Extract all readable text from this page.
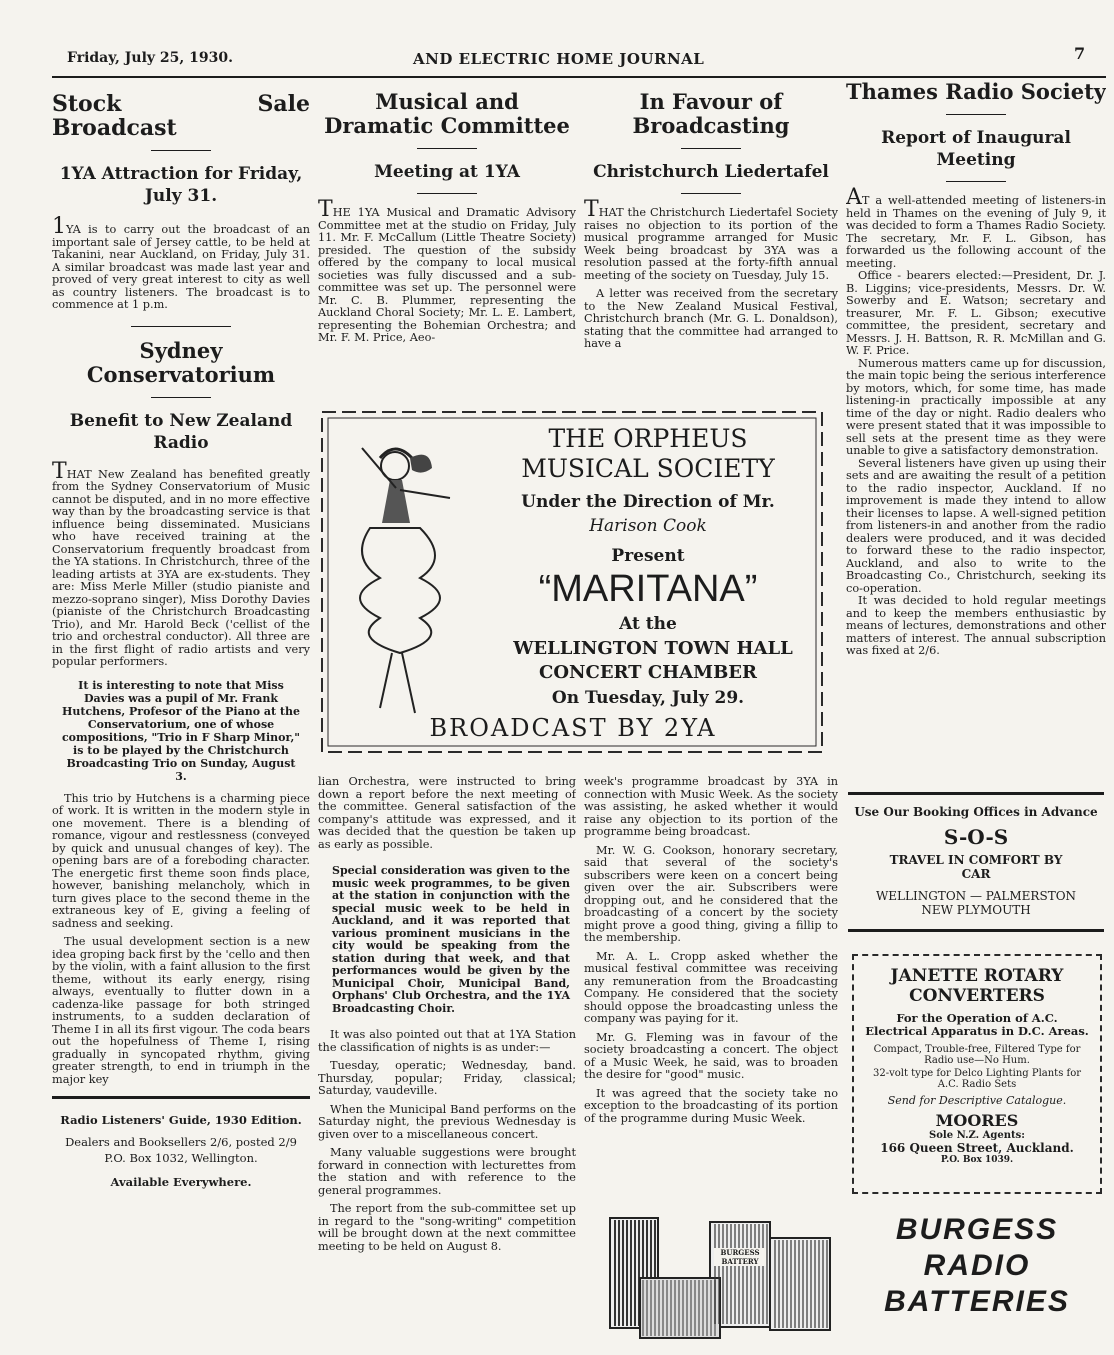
Friday, July 25, 1930.	AND ELECTRIC HOME JOURNAL	7
Stock Sale Broadcast
1YA Attraction for Friday, July 31.

1YA is to carry out the broadcast of an important sale of Jersey cattle, to be held at Takanini, near Auckland, on Friday, July 31. A similar broadcast was made last year and proved of very great interest to city as well as country listeners. The broadcast is to commence at 1 p.m.

Sydney Conservatorium
Benefit to New Zealand Radio

THAT New Zealand has benefited greatly from the Sydney Conservatorium of Music cannot be disputed, and in no more effective way than by the broadcasting service is that influence being disseminated. Musicians who have received training at the Conservatorium frequently broadcast from the YA stations. In Christchurch, three of the leading artists at 3YA are ex-students. They are: Miss Merle Miller (studio pianiste and mezzo-soprano singer), Miss Dorothy Davies (pianiste of the Christchurch Broadcasting Trio), and Mr. Harold Beck ('cellist of the trio and orchestral conductor). All three are in the first flight of radio artists and very popular performers.

It is interesting to note that Miss Davies was a pupil of Mr. Frank Hutchens, Profesor of the Piano at the Conservatorium, one of whose compositions, "Trio in F Sharp Minor," is to be played by the Christchurch Broadcasting Trio on Sunday, August 3.

This trio by Hutchens is a charming piece of work. It is written in the modern style in one movement. There is a blending of romance, vigour and restlessness (conveyed by quick and unusual changes of key). The opening bars are of a foreboding character. The energetic first theme soon finds place, however, banishing melancholy, which in turn gives place to the second theme in the extraneous key of E, giving a feeling of sadness and seeking.

The usual development section is a new idea groping back first by the 'cello and then by the violin, with a faint allusion to the first theme, without its early energy, rising always, eventually to flutter down in a cadenza-like passage for both stringed instruments, to a sudden declaration of Theme I in all its first vigour. The coda bears out the hopefulness of Theme I, rising gradually in syncopated rhythm, giving greater strength, to end in triumph in the major key

Radio Listeners' Guide, 1930 Edition.
Dealers and Booksellers 2/6, posted 2/9
P.O. Box 1032, Wellington.
Available Everywhere.
Musical and Dramatic Committee
Meeting at 1YA

THE 1YA Musical and Dramatic Advisory Committee met at the studio on Friday, July 11. Mr. F. McCallum (Little Theatre Society) presided. The question of the subsidy offered by the company to local musical societies was fully discussed and a sub-committee was set up. The personnel were Mr. C. B. Plummer, representing the Auckland Choral Society; Mr. L. E. Lambert, representing the Bohemian Orchestra; and Mr. F. M. Price, Aeo-

In Favour of Broadcasting
Christchurch Liedertafel

THAT the Christchurch Liedertafel Society raises no objection to its portion of the musical programme arranged for Music Week being broadcast by 3YA was a resolution passed at the forty-fifth annual meeting of the society on Tuesday, July 15.

A letter was received from the secretary to the New Zealand Musical Festival, Christchurch branch (Mr. G. L. Donaldson), stating that the committee had arranged to have a

THE ORPHEUS
MUSICAL SOCIETY
Under the Direction of Mr.
Harison Cook
Present
“MARITANA”
At the
WELLINGTON TOWN HALL
CONCERT CHAMBER
On Tuesday, July 29.
BROADCAST BY 2YA

lian Orchestra, were instructed to bring down a report before the next meeting of the committee. General satisfaction of the company's attitude was expressed, and it was decided that the question be taken up as early as possible.

Special consideration was given to the music week programmes, to be given at the station in conjunction with the special music week to be held in Auckland, and it was reported that various prominent musicians in the city would be speaking from the station during that week, and that performances would be given by the Municipal Choir, Municipal Band, Orphans' Club Orchestra, and the 1YA Broadcasting Choir.

It was also pointed out that at 1YA Station the classification of nights is as under:—

Tuesday, operatic; Wednesday, band. Thursday, popular; Friday, classical; Saturday, vaudeville.

When the Municipal Band performs on the Saturday night, the previous Wednesday is given over to a miscellaneous concert.

Many valuable suggestions were brought forward in connection with lecturettes from the station and with reference to the general programmes.

The report from the sub-committee set up in regard to the "song-writing" competition will be brought down at the next committee meeting to be held on August 8.

week's programme broadcast by 3YA in connection with Music Week. As the society was assisting, he asked whether it would raise any objection to its portion of the programme being broadcast.

Mr. W. G. Cookson, honorary secretary, said that several of the society's subscribers were keen on a concert being given over the air. Subscribers were dropping out, and he considered that the broadcasting of a concert by the society might prove a good thing, giving a fillip to the membership.

Mr. A. L. Cropp asked whether the musical festival committee was receiving any remuneration from the Broadcasting Company. He considered that the society should oppose the broadcasting unless the company was paying for it.

Mr. G. Fleming was in favour of the society broadcasting a concert. The object of a Music Week, he said, was to broaden the desire for "good" music.

It was agreed that the society take no exception to the broadcasting of its portion of the programme during Music Week.

BURGESS BATTERY
Thames Radio Society
Report of Inaugural Meeting

AT a well-attended meeting of listeners-in held in Thames on the evening of July 9, it was decided to form a Thames Radio Society. The secretary, Mr. F. L. Gibson, has forwarded us the following account of the meeting.

Office - bearers elected:—President, Dr. J. B. Liggins; vice-presidents, Messrs. Dr. W. Sowerby and E. Watson; secretary and treasurer, Mr. F. L. Gibson; executive committee, the president, secretary and Messrs. J. H. Battson, R. R. McMillan and G. W. F. Price.

Numerous matters came up for discussion, the main topic being the serious interference by motors, which, for some time, has made listening-in practically impossible at any time of the day or night. Radio dealers who were present stated that it was impossible to sell sets at the present time as they were unable to give a satisfactory demonstration.

Several listeners have given up using their sets and are awaiting the result of a petition to the radio inspector, Auckland. If no improvement is made they intend to allow their licenses to lapse. A well-signed petition from listeners-in and another from the radio dealers were produced, and it was decided to forward these to the radio inspector, Auckland, and also to write to the Broadcasting Co., Christchurch, seeking its co-operation.

It was decided to hold regular meetings and to keep the members enthusiastic by means of lectures, demonstrations and other matters of interest. The annual subscription was fixed at 2/6.

Use Our Booking Offices in Advance
S-O-S
TRAVEL IN COMFORT BY CAR
WELLINGTON — PALMERSTON
NEW PLYMOUTH
JANETTE ROTARY
CONVERTERS
For the Operation of A.C. Electrical Apparatus in D.C. Areas.
Compact, Trouble-free, Filtered Type for Radio use—No Hum.
32-volt type for Delco Lighting Plants for A.C. Radio Sets
Send for Descriptive Catalogue.
MOORES
Sole N.Z. Agents:
166 Queen Street, Auckland.
P.O. Box 1039.
BURGESS
RADIO
BATTERIES
